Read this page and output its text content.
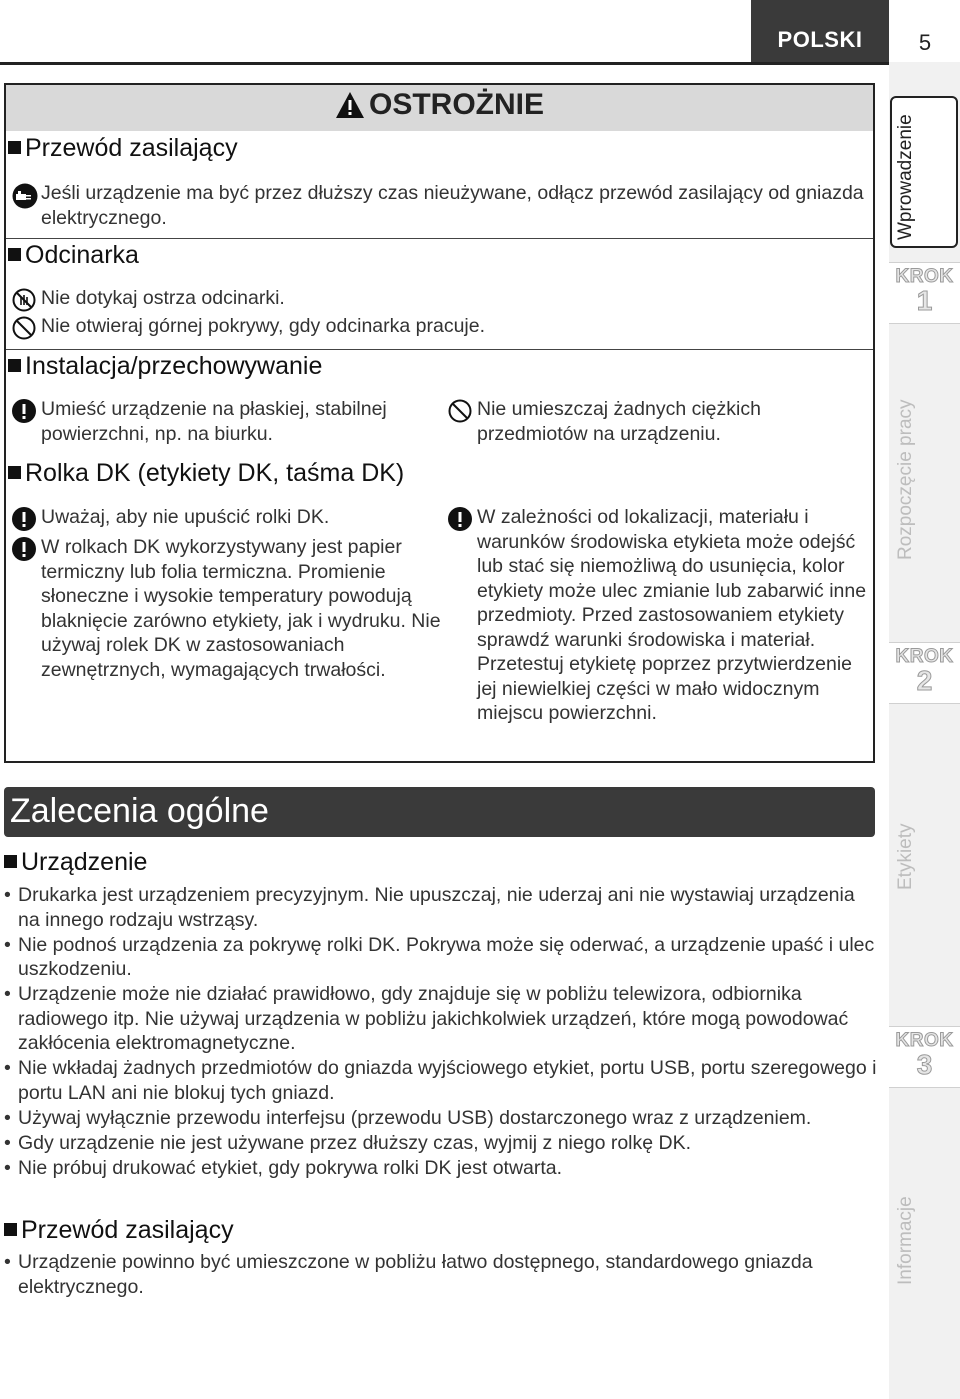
POLSKI	5
Wprowadzenie
KROK
1
Rozpoczęcie pracy
KROK
2
Etykiety
KROK
3
Informacje
OSTROŻNIE
Przewód zasilający
Jeśli urządzenie ma być przez dłuższy czas nieużywane, odłącz przewód zasilający od gniazda elektrycznego.
Odcinarka
Nie dotykaj ostrza odcinarki.
Nie otwieraj górnej pokrywy, gdy odcinarka pracuje.
Instalacja/przechowywanie
Umieść urządzenie na płaskiej, stabilnej powierzchni, np. na biurku.
Nie umieszczaj żadnych ciężkich przedmiotów na urządzeniu.
Rolka DK (etykiety DK, taśma DK)
Uważaj, aby nie upuścić rolki DK.
W rolkach DK wykorzystywany jest papier termiczny lub folia termiczna. Promienie słoneczne i wysokie temperatury powodują blaknięcie zarówno etykiety, jak i wydruku. Nie używaj rolek DK w zastosowaniach zewnętrznych, wymagających trwałości.
W zależności od lokalizacji, materiału i warunków środowiska etykieta może odejść lub stać się niemożliwą do usunięcia, kolor etykiety może ulec zmianie lub zabarwić inne przedmioty. Przed zastosowaniem etykiety sprawdź warunki środowiska i materiał. Przetestuj etykietę poprzez przytwierdzenie jej niewielkiej części w mało widocznym miejscu powierzchni.
Zalecenia ogólne
Urządzenie
• Drukarka jest urządzeniem precyzyjnym. Nie upuszczaj, nie uderzaj ani nie wystawiaj urządzenia na innego rodzaju wstrząsy.
• Nie podnoś urządzenia za pokrywę rolki DK. Pokrywa może się oderwać, a urządzenie upaść i ulec uszkodzeniu.
• Urządzenie może nie działać prawidłowo, gdy znajduje się w pobliżu telewizora, odbiornika radiowego itp. Nie używaj urządzenia w pobliżu jakichkolwiek urządzeń, które mogą powodować zakłócenia elektromagnetyczne.
• Nie wkładaj żadnych przedmiotów do gniazda wyjściowego etykiet, portu USB, portu szeregowego i portu LAN ani nie blokuj tych gniazd.
• Używaj wyłącznie przewodu interfejsu (przewodu USB) dostarczonego wraz z urządzeniem.
• Gdy urządzenie nie jest używane przez dłuższy czas, wyjmij z niego rolkę DK.
• Nie próbuj drukować etykiet, gdy pokrywa rolki DK jest otwarta.
Przewód zasilający
• Urządzenie powinno być umieszczone w pobliżu łatwo dostępnego, standardowego gniazda elektrycznego.
